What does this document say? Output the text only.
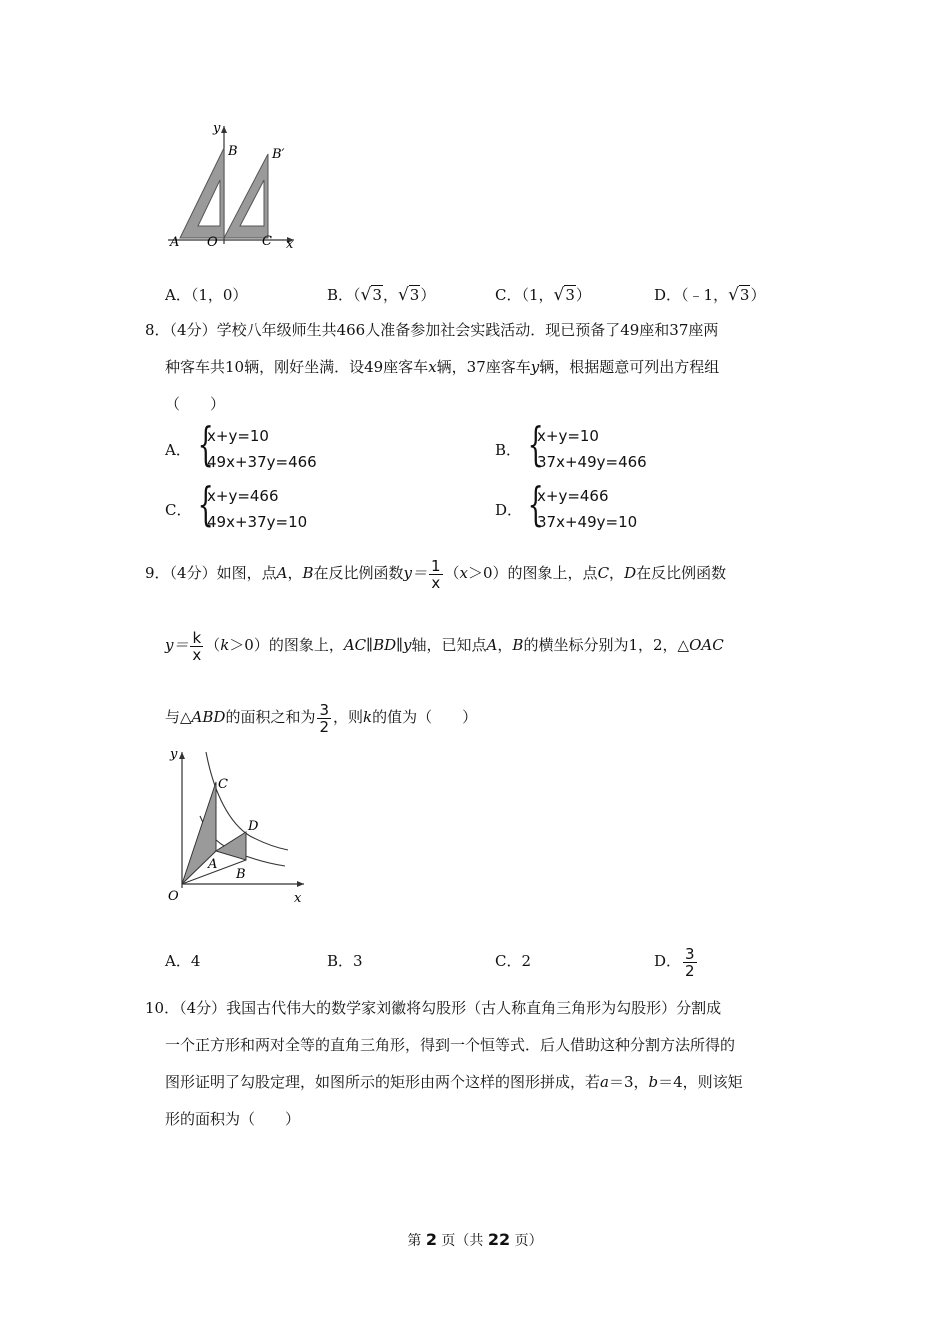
y
B	B′
A O	C x
A．（1，0）	B．（√3，√3）	C．（1，√3）	D．（﹣1，√3）
8．（4分）学校八年级师生共466人准备参加社会实践活动．现已预备了49座和37座两
种客车共10辆，刚好坐满．设49座客车x辆，37座客车y辆，根据题意可列出方程组
（　　）
A． {
x+y=10
49x+37y=466
B． {
x+y=10
37x+49y=466
C． {
x+y=466
49x+37y=10
D． {
x+y=466
37x+49y=10
9．（4分）如图，点A，B在反比例函数$y= \frac{1}{x} (x>0)$的图象上，点C，D在反比例函数
$y= \frac{k}{x} (k>0)$的图象上，AC∥BD∥y轴，已知点A，B的横坐标分别为1，2，△OAC
与△ABD的面积之和为 $\frac{3}{2}$ ，则k的值为（　　）
y
C
D
A
B
O	x
A．4	B．3	C．2	D． $\frac{3}{2}$
10．（4分）我国古代伟大的数学家刘徽将勾股形（古人称直角三角形为勾股形）分割成
一个正方形和两对全等的直角三角形，得到一个恒等式．后人借助这种分割方法所得的
图形证明了勾股定理，如图所示的矩形由两个这样的图形拼成，若a＝3，b＝4，则该矩
形的面积为（　　）
第 2 页（共 22 页）
